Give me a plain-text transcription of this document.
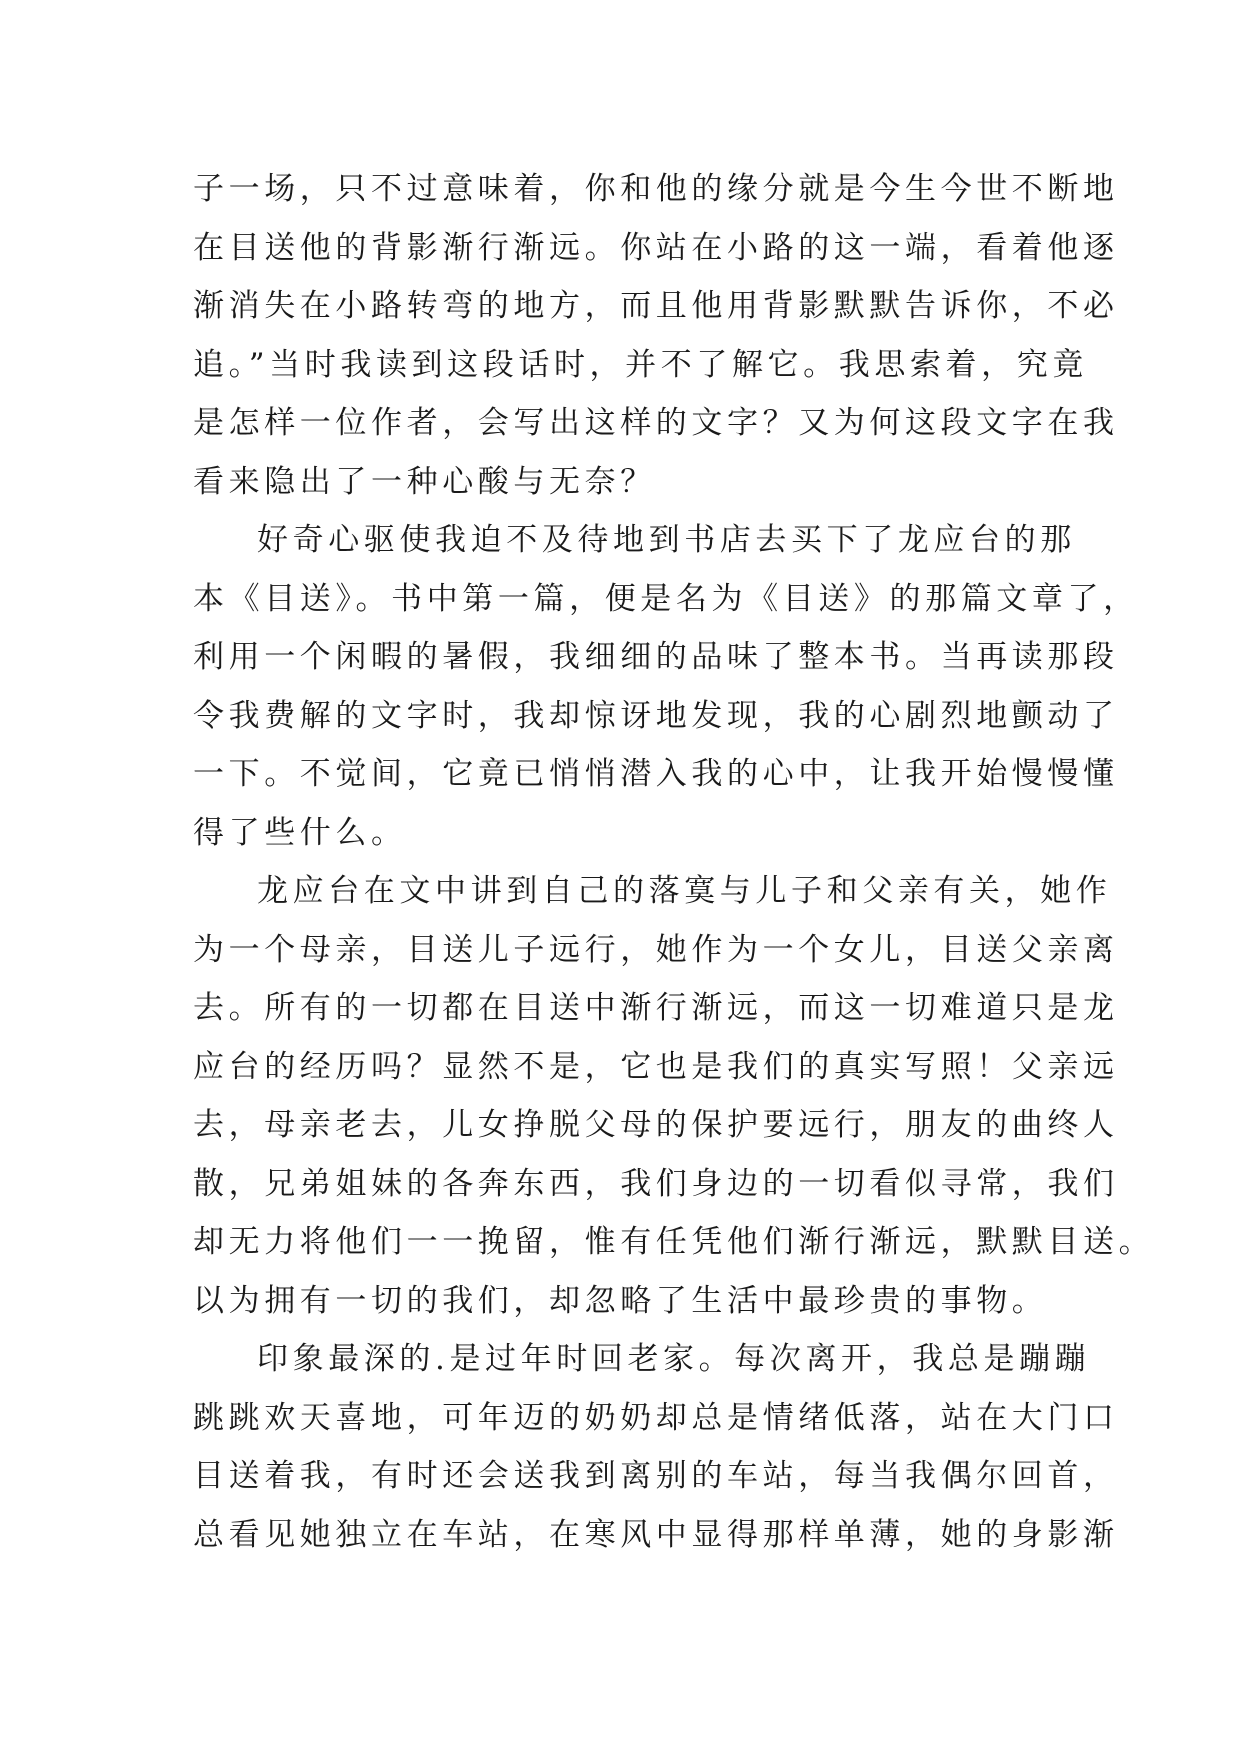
子一场，只不过意味着，你和他的缘分就是今生今世不断地
在目送他的背影渐行渐远。你站在小路的这一端，看着他逐
渐消失在小路转弯的地方，而且他用背影默默告诉你，不必
追。”当时我读到这段话时，并不了解它。我思索着，究竟
是怎样一位作者，会写出这样的文字？又为何这段文字在我
看来隐出了一种心酸与无奈？
好奇心驱使我迫不及待地到书店去买下了龙应台的那
本《目送》。书中第一篇，便是名为《目送》的那篇文章了，
利用一个闲暇的暑假，我细细的品味了整本书。当再读那段
令我费解的文字时，我却惊讶地发现，我的心剧烈地颤动了
一下。不觉间，它竟已悄悄潜入我的心中，让我开始慢慢懂
得了些什么。
龙应台在文中讲到自己的落寞与儿子和父亲有关，她作
为一个母亲，目送儿子远行，她作为一个女儿，目送父亲离
去。所有的一切都在目送中渐行渐远，而这一切难道只是龙
应台的经历吗？显然不是，它也是我们的真实写照！父亲远
去，母亲老去，儿女挣脱父母的保护要远行，朋友的曲终人
散，兄弟姐妹的各奔东西，我们身边的一切看似寻常，我们
却无力将他们一一挽留，惟有任凭他们渐行渐远，默默目送。
以为拥有一切的我们，却忽略了生活中最珍贵的事物。
印象最深的.是过年时回老家。每次离开，我总是蹦蹦
跳跳欢天喜地，可年迈的奶奶却总是情绪低落，站在大门口
目送着我，有时还会送我到离别的车站，每当我偶尔回首，
总看见她独立在车站，在寒风中显得那样单薄，她的身影渐
